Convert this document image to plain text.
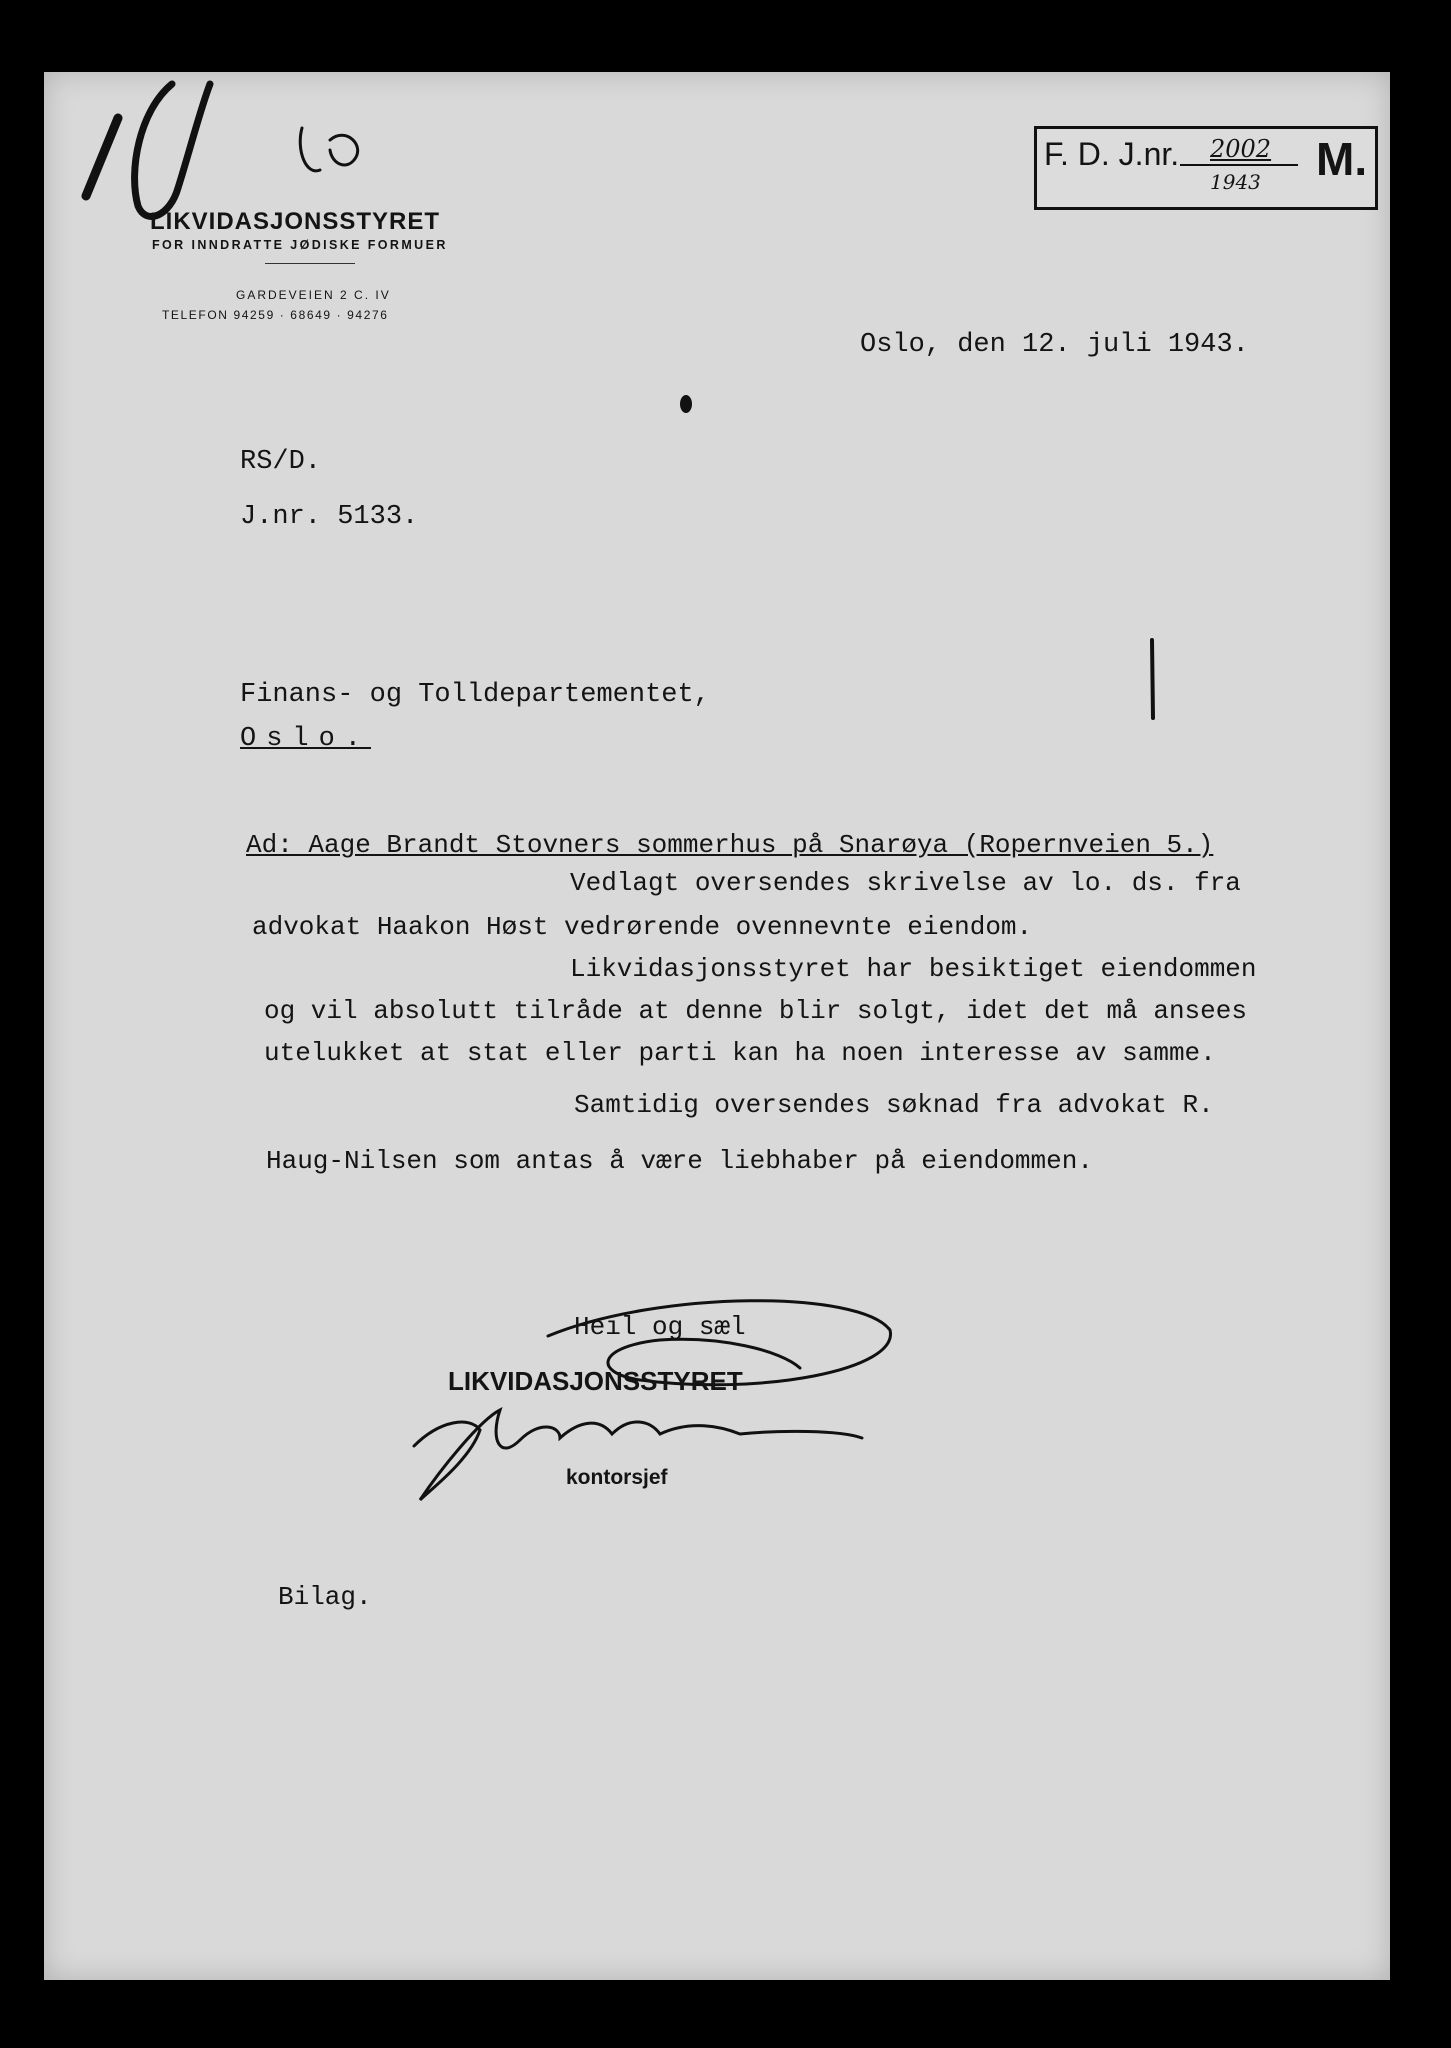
LIKVIDASJONSSTYRET
FOR INNDRATTE JØDISKE FORMUER
GARDEVEIEN 2 C. IV
TELEFON 94259 · 68649 · 94276
F. D. J.nr. 2002
1943 M.
Oslo, den 12. juli 1943.
RS/D.
J.nr. 5133.
Finans- og Tolldepartementet,
Oslo.
Ad: Aage Brandt Stovners sommerhus på Snarøya (Ropernveien 5.)
Vedlagt oversendes skrivelse av lo. ds. fra
advokat Haakon Høst vedrørende ovennevnte eiendom.
Likvidasjonsstyret har besiktiget eiendommen
og vil absolutt tilråde at denne blir solgt, idet det må ansees
utelukket at stat eller parti kan ha noen interesse av samme.
Samtidig oversendes søknad fra advokat R.
Haug-Nilsen som antas å være liebhaber på eiendommen.
Heil og sæl
LIKVIDASJONSSTYRET
kontorsjef
Bilag.
